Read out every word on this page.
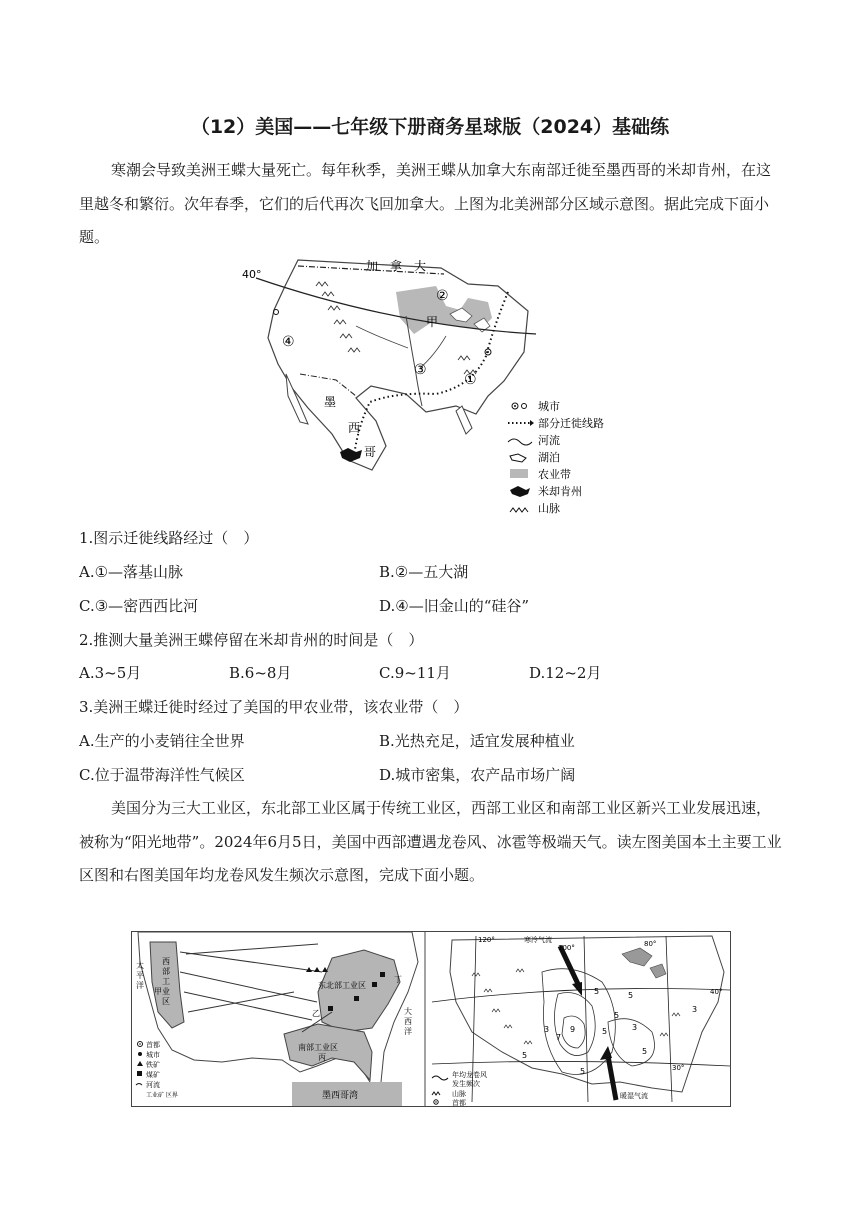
（12）美国——七年级下册商务星球版（2024）基础练

寒潮会导致美洲王蝶大量死亡。每年秋季，美洲王蝶从加拿大东南部迁徙至墨西哥的米却肯州，在这里越冬和繁衍。次年春季，它们的后代再次飞回加拿大。上图为北美洲部分区域示意图。据此完成下面小题。

40°
加　拿　大
甲
墨
西
哥
①
②
③
④
城市
部分迁徙线路
河流
湖泊
农业带
米却肯州
山脉
1.图示迁徙线路经过（　）
A.①—落基山脉	B.②—五大湖
C.③—密西西比河	D.④—旧金山的“硅谷”
2.推测大量美洲王蝶停留在米却肯州的时间是（　）
A.3~5月	B.6~8月	C.9~11月	D.12~2月
3.美洲王蝶迁徙时经过了美国的甲农业带，该农业带（　）
A.生产的小麦销往全世界	B.光热充足，适宜发展种植业
C.位于温带海洋性气候区	D.城市密集，农产品市场广阔

美国分为三大工业区，东北部工业区属于传统工业区，西部工业区和南部工业区新兴工业发展迅速，被称为“阳光地带”。2024年6月5日，美国中西部遭遇龙卷风、冰雹等极端天气。读左图美国本土主要工业区图和右图美国年均龙卷风发生频次示意图，完成下面小题。

太
平
洋
西
部
工
业
区
甲
东北部工业区
丁
乙	大
西
洋
南部工业区
丙
墨西哥湾
首都
城市
铁矿
煤矿
河流
工业矿 区界
120°	寒冷气流
100°	80°
40°
30°
暖湿气流
3
5
7
9	5
5
3
5
5
3
5
5
年均龙卷风
发生频次
山脉
首都
